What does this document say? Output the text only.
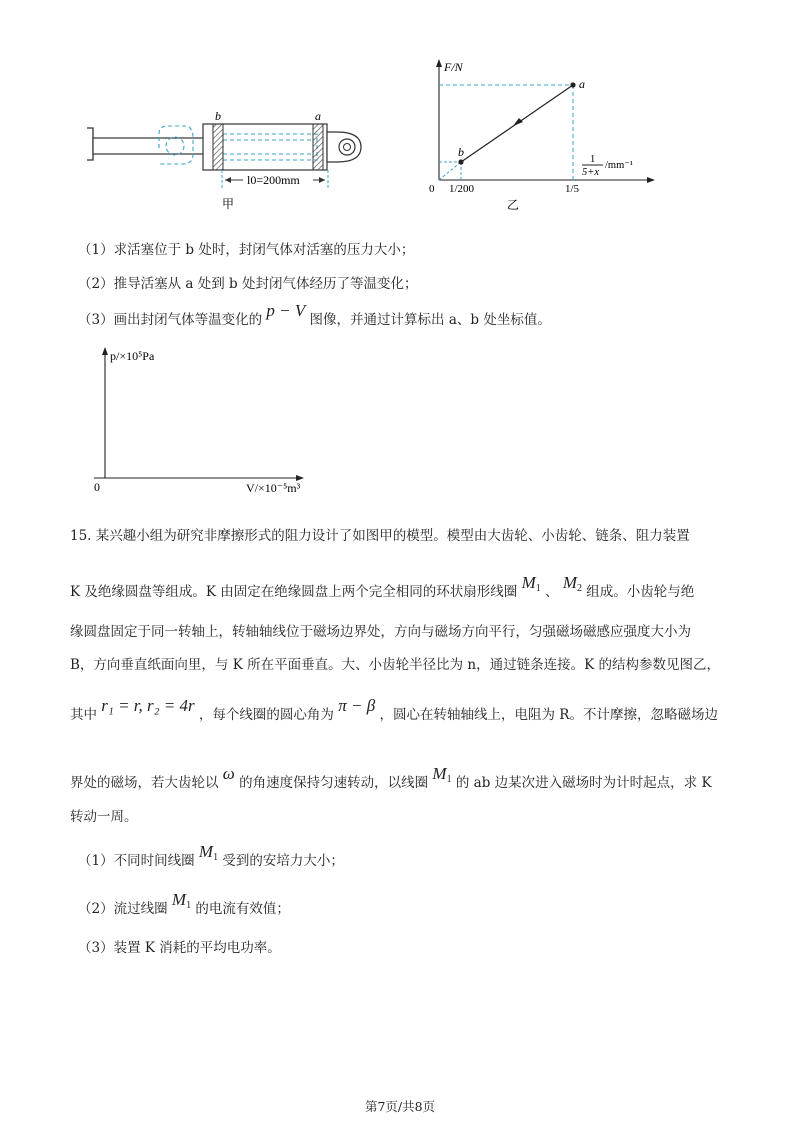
b	a
l0=200mm
甲
F/N
a
b
1
5+x
/mm⁻¹
0 1/200	1/5
乙
（1）求活塞位于 b 处时，封闭气体对活塞的压力大小；
（2）推导活塞从 a 处到 b 处封闭气体经历了等温变化；
（3）画出封闭气体等温变化的 p − V 图像，并通过计算标出 a、b 处坐标值。
p/×10⁵Pa
V/×10⁻⁵m³
0
15. 某兴趣小组为研究非摩擦形式的阻力设计了如图甲的模型。模型由大齿轮、小齿轮、链条、阻力装置
K 及绝缘圆盘等组成。K 由固定在绝缘圆盘上两个完全相同的环状扇形线圈 $M_1$ 、 $M_2$ 组成。小齿轮与绝
缘圆盘固定于同一转轴上，转轴轴线位于磁场边界处，方向与磁场方向平行，匀强磁场磁感应强度大小为
B，方向垂直纸面向里，与 K 所在平面垂直。大、小齿轮半径比为 n，通过链条连接。K 的结构参数见图乙，
其中 r₁ = r, r₂ = 4r ，每个线圈的圆心角为 π − β ，圆心在转轴轴线上，电阻为 R。不计摩擦，忽略磁场边
界处的磁场，若大齿轮以 ω 的角速度保持匀速转动，以线圈 $M_1$ 的 ab 边某次进入磁场时为计时起点，求 K
转动一周。
（1）不同时间线圈 $M_1$ 受到的安培力大小；
（2）流过线圈 $M_1$ 的电流有效值；
（3）装置 K 消耗的平均电功率。
第7页/共8页
